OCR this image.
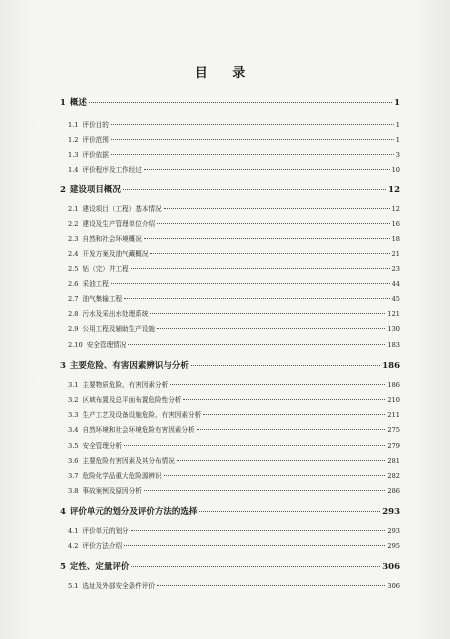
目 录
1 概述	1
1.1 评价目的	1
1.2 评价范围	1
1.3 评价依据	3
1.4 评价程序及工作经过	10
2 建设项目概况	12
2.1 建设项目（工程）基本情况	12
2.2 建设及生产管理单位介绍	16
2.3 自然和社会环境概况	18
2.4 开发方案及油气藏概况	21
2.5 钻（完）井工程	23
2.6 采油工程	44
2.7 油气集输工程	45
2.8 污水及采出水处理系统	121
2.9 公用工程及辅助生产设施	130
2.10 安全管理情况	183
3 主要危险、有害因素辨识与分析	186
3.1 主要物质危险、有害因素分析	186
3.2 区域布置及总平面布置危险性分析	210
3.3 生产工艺及设备设施危险、有害因素分析	211
3.4 自然环境和社会环境危险有害因素分析	275
3.5 安全管理分析	279
3.6 主要危险有害因素及其分布情况	281
3.7 危险化学品重大危险源辨识	282
3.8 事故案例及原因分析	286
4 评价单元的划分及评价方法的选择	293
4.1 评价单元的划分	293
4.2 评价方法介绍	295
5 定性、定量评价	306
5.1 选址及外部安全条件评价	306
